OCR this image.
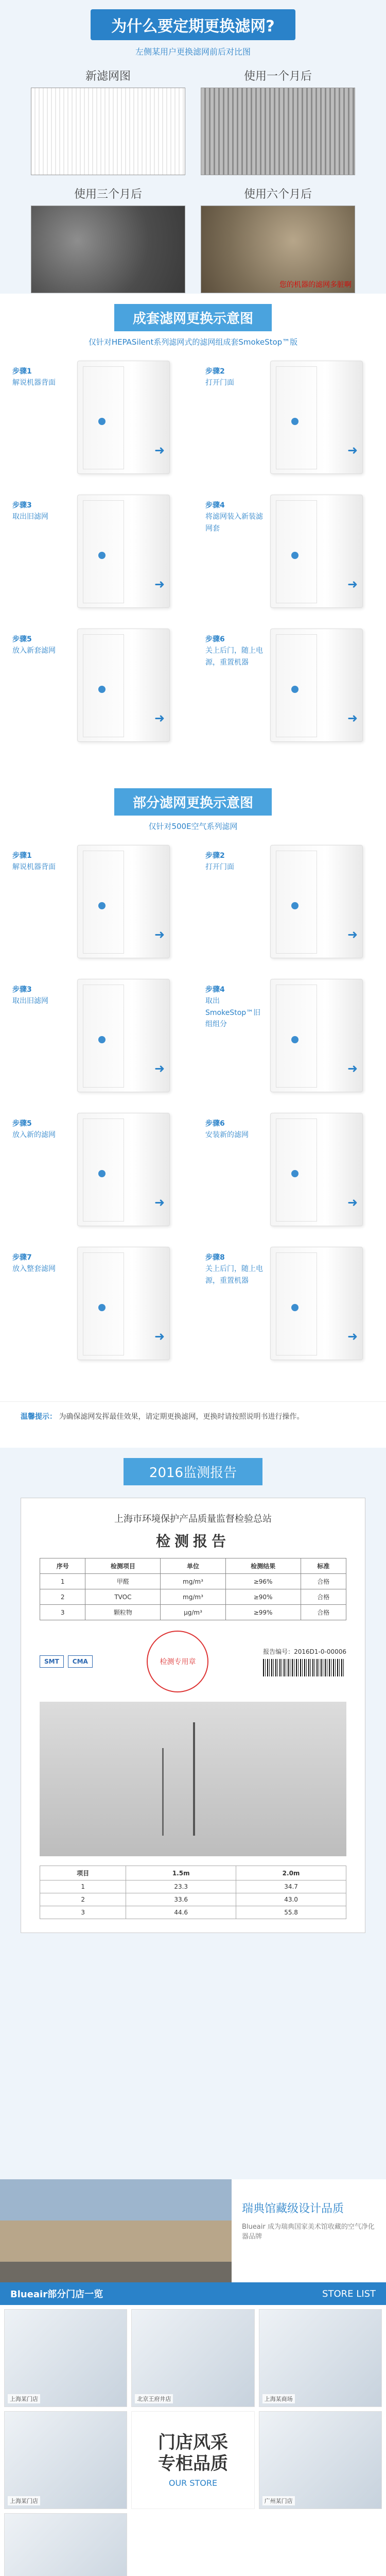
为什么要定期更换滤网?
左侧某用户更换滤网前后对比图
新滤网图	使用一个月后
使用三个月后	使用六个月后
您的机器的滤网多脏啊
成套滤网更换示意图
仅针对HEPASilent系列滤网式的滤网组成套SmokeStop™版
步骤1
解说机器背面
➜
步骤2
打开门面
➜
步骤3
取出旧滤网
➜
步骤4
将滤网装入新装滤网套
➜
步骤5
放入新套滤网
➜
步骤6
关上后门，随上电源，重置机器
➜
部分滤网更换示意图
仅针对500E空气系列滤网
步骤1
解说机器背面
➜
步骤2
打开门面
➜
步骤3
取出旧滤网
➜
步骤4
取出SmokeStop™旧组组分
➜
步骤5
放入新的滤网
➜
步骤6
安装新的滤网
➜
步骤7
放入整套滤网
➜
步骤8
关上后门，随上电源，重置机器
➜
温馨提示： 为确保滤网发挥最佳效果，请定期更换滤网，更换时请按照说明书进行操作。
2016监测报告
上海市环境保护产品质量监督检验总站
检测报告
序号	检测项目	单位	检测结果	标准
1	甲醛	mg/m³	≥96%	合格
2	TVOC	mg/m³	≥90%	合格
3	颗粒物	μg/m³	≥99%	合格
SMT	CMA	检测专用章
报告编号：2016D1-0-00006
项目	1.5m	2.0m
1	23.3	34.7
2	33.6	43.0
3	44.6	55.8
瑞典馆藏级设计品质
Blueair 成为瑞典国家美术馆收藏的空气净化器品牌
Blueair部分门店一览	STORE LIST
上海某门店	北京王府井店	上海某商场
上海某门店
门店风采
专柜品质
OUR STORE
广州某门店
